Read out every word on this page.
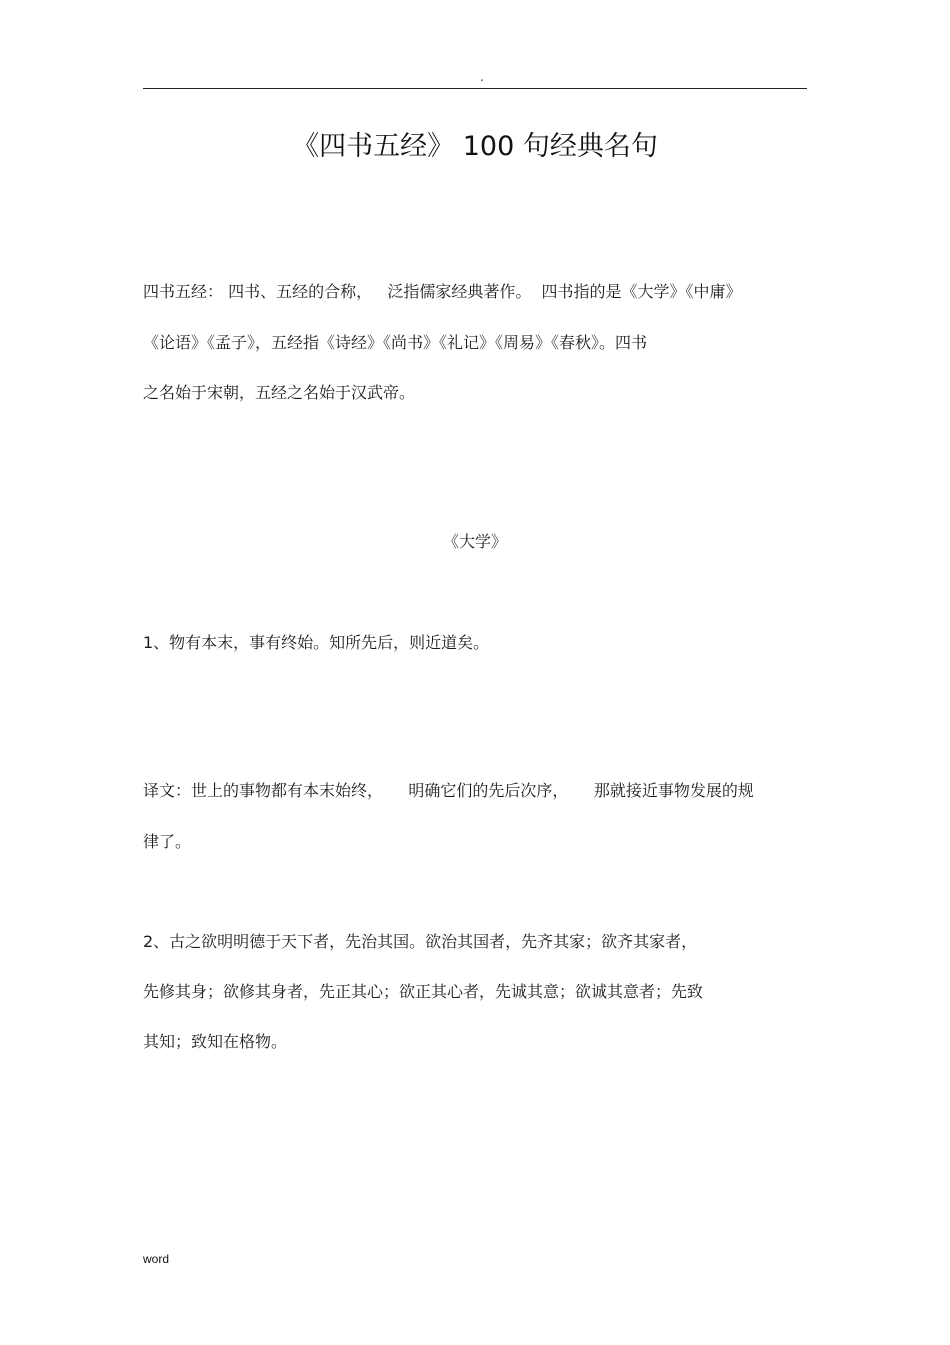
.
《四书五经》 100 句经典名句
四书五经： 四书、五经的合称，   泛指儒家经典著作。  四书指的是《大学》《中庸》
《论语》《孟子》，五经指《诗经》《尚书》《礼记》《周易》《春秋》。四书
之名始于宋朝，五经之名始于汉武帝。
《大学》
1、物有本末，事有终始。知所先后，则近道矣。
译文：世上的事物都有本末始终，     明确它们的先后次序，     那就接近事物发展的规
律了。
2、古之欲明明德于天下者，先治其国。欲治其国者，先齐其家；欲齐其家者，
先修其身；欲修其身者，先正其心；欲正其心者，先诚其意；欲诚其意者；先致
其知；致知在格物。
word
